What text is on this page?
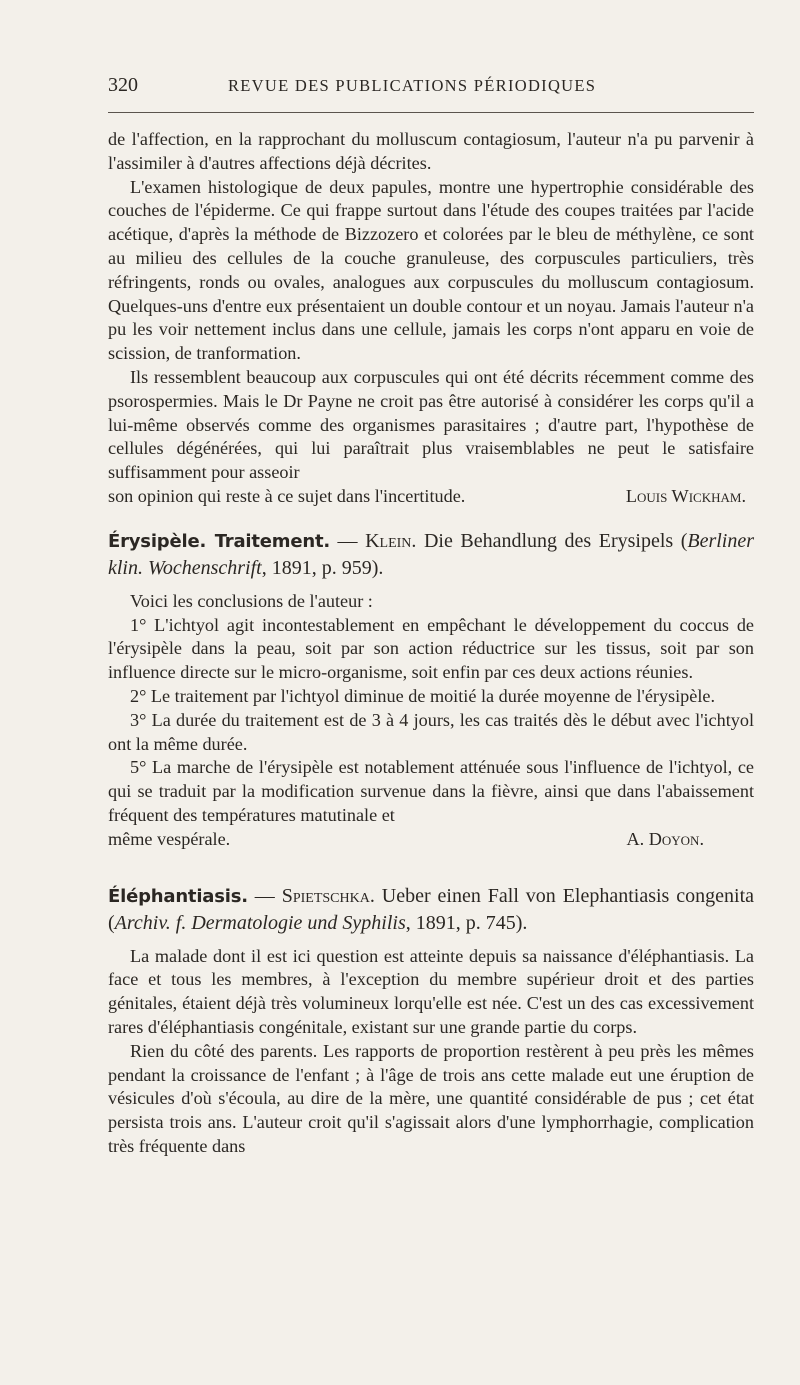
320	REVUE DES PUBLICATIONS PÉRIODIQUES

de l'affection, en la rapprochant du molluscum contagiosum, l'auteur n'a pu parvenir à l'assimiler à d'autres affections déjà décrites.

L'examen histologique de deux papules, montre une hypertrophie considérable des couches de l'épiderme. Ce qui frappe surtout dans l'étude des coupes traitées par l'acide acétique, d'après la méthode de Bizzozero et colorées par le bleu de méthylène, ce sont au milieu des cellules de la couche granuleuse, des corpuscules particuliers, très réfringents, ronds ou ovales, analogues aux corpuscules du molluscum contagiosum. Quelques-uns d'entre eux présentaient un double contour et un noyau. Jamais l'auteur n'a pu les voir nettement inclus dans une cellule, jamais les corps n'ont apparu en voie de scission, de tranformation.

Ils ressemblent beaucoup aux corpuscules qui ont été décrits récemment comme des psorospermies. Mais le Dr Payne ne croit pas être autorisé à considérer les corps qu'il a lui-même observés comme des organismes parasitaires ; d'autre part, l'hypothèse de cellules dégénérées, qui lui paraîtrait plus vraisemblables ne peut le satisfaire suffisamment pour asseoir

son opinion qui reste à ce sujet dans l'incertitude.	Louis Wickham.

Érysipèle. Traitement. — Klein. Die Behandlung des Erysipels (Berliner klin. Wochenschrift, 1891, p. 959).

Voici les conclusions de l'auteur :

1° L'ichtyol agit incontestablement en empêchant le développement du coccus de l'érysipèle dans la peau, soit par son action réductrice sur les tissus, soit par son influence directe sur le micro-organisme, soit enfin par ces deux actions réunies.

2° Le traitement par l'ichtyol diminue de moitié la durée moyenne de l'érysipèle.

3° La durée du traitement est de 3 à 4 jours, les cas traités dès le début avec l'ichtyol ont la même durée.

5° La marche de l'érysipèle est notablement atténuée sous l'influence de l'ichtyol, ce qui se traduit par la modification survenue dans la fièvre, ainsi que dans l'abaissement fréquent des températures matutinale et

même vespérale.	A. Doyon.

Éléphantiasis. — Spietschka. Ueber einen Fall von Elephantiasis congenita (Archiv. f. Dermatologie und Syphilis, 1891, p. 745).

La malade dont il est ici question est atteinte depuis sa naissance d'éléphantiasis. La face et tous les membres, à l'exception du membre supérieur droit et des parties génitales, étaient déjà très volumineux lorqu'elle est née. C'est un des cas excessivement rares d'éléphantiasis congénitale, existant sur une grande partie du corps.

Rien du côté des parents. Les rapports de proportion restèrent à peu près les mêmes pendant la croissance de l'enfant ; à l'âge de trois ans cette malade eut une éruption de vésicules d'où s'écoula, au dire de la mère, une quantité considérable de pus ; cet état persista trois ans. L'auteur croit qu'il s'agissait alors d'une lymphorrhagie, complication très fréquente dans
